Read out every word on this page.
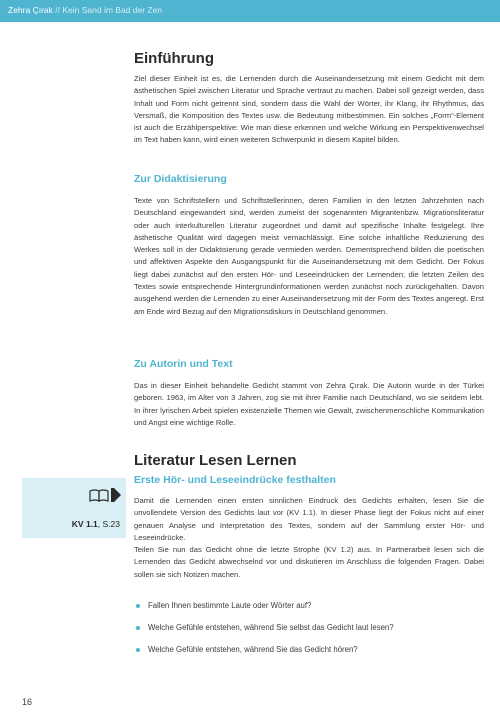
Zehra Çırak // Kein Sand im Bad der Zen
Einführung

Ziel dieser Einheit ist es, die Lernenden durch die Auseinandersetzung mit einem Gedicht mit dem ästhetischen Spiel zwischen Literatur und Sprache vertraut zu machen. Dabei soll gezeigt werden, dass Inhalt und Form nicht getrennt sind, sondern dass die Wahl der Wörter, ihr Klang, ihr Rhythmus, das Versmaß, die Komposition des Textes usw. die Bedeutung mitbestimmen. Ein solches „Form“-Element ist auch die Erzählperspektive: Wie man diese erkennen und welche Wirkung ein Perspektivenwechsel im Text haben kann, wird einen weiteren Schwerpunkt in diesem Kapitel bilden.

Zur Didaktisierung

Texte von Schriftstellern und Schriftstellerinnen, deren Familien in den letzten Jahrzehnten nach Deutschland eingewandert sind, werden zumeist der sogenannten Migrantenbzw. Migrationsliteratur oder auch interkulturellen Literatur zugeordnet und damit auf spezifische Inhalte festgelegt. Ihre ästhetische Qualität wird dagegen meist vernachlässigt. Eine solche inhaltliche Reduzierung des Werkes soll in der Didaktisierung gerade vermieden werden. Dementsprechend bilden die poetischen und affektiven Aspekte den Ausgangspunkt für die Auseinandersetzung mit dem Gedicht. Der Fokus liegt dabei zunächst auf den ersten Hör- und Leseeindrücken der Lernenden; die letzten Zeilen des Textes sowie entsprechende Hintergrundinformationen werden zunächst noch zurückgehalten. Davon ausgehend werden die Lernenden zu einer Auseinandersetzung mit der Form des Textes angeregt. Erst am Ende wird Bezug auf den Migrationsdiskurs in Deutschland genommen.

Zu Autorin und Text

Das in dieser Einheit behandelte Gedicht stammt von Zehra Çırak. Die Autorin wurde in der Türkei geboren. 1963, im Alter von 3 Jahren, zog sie mit ihrer Familie nach Deutschland, wo sie seitdem lebt. In ihrer lyrischen Arbeit spielen existenzielle Themen wie Gewalt, zwischenmenschliche Kommunikation und Angst eine wichtige Rolle.

Literatur Lesen Lernen
Erste Hör- und Leseeindrücke festhalten

Damit die Lernenden einen ersten sinnlichen Eindruck des Gedichts erhalten, lesen Sie die unvollendete Version des Gedichts laut vor (KV 1.1). In dieser Phase liegt der Fokus nicht auf einer genauen Analyse und Interpretation des Textes, sondern auf der Sammlung erster Hör- und Leseeindrücke.

Teilen Sie nun das Gedicht ohne die letzte Strophe (KV 1.2) aus. In Partnerarbeit lesen sich die Lernenden das Gedicht abwechselnd vor und diskutieren im Anschluss die folgenden Fragen. Dabei sollen sie sich Notizen machen.

KV 1.1, S.23
Fallen Ihnen bestimmte Laute oder Wörter auf?
Welche Gefühle entstehen, während Sie selbst das Gedicht laut lesen?
Welche Gefühle entstehen, während Sie das Gedicht hören?
16
